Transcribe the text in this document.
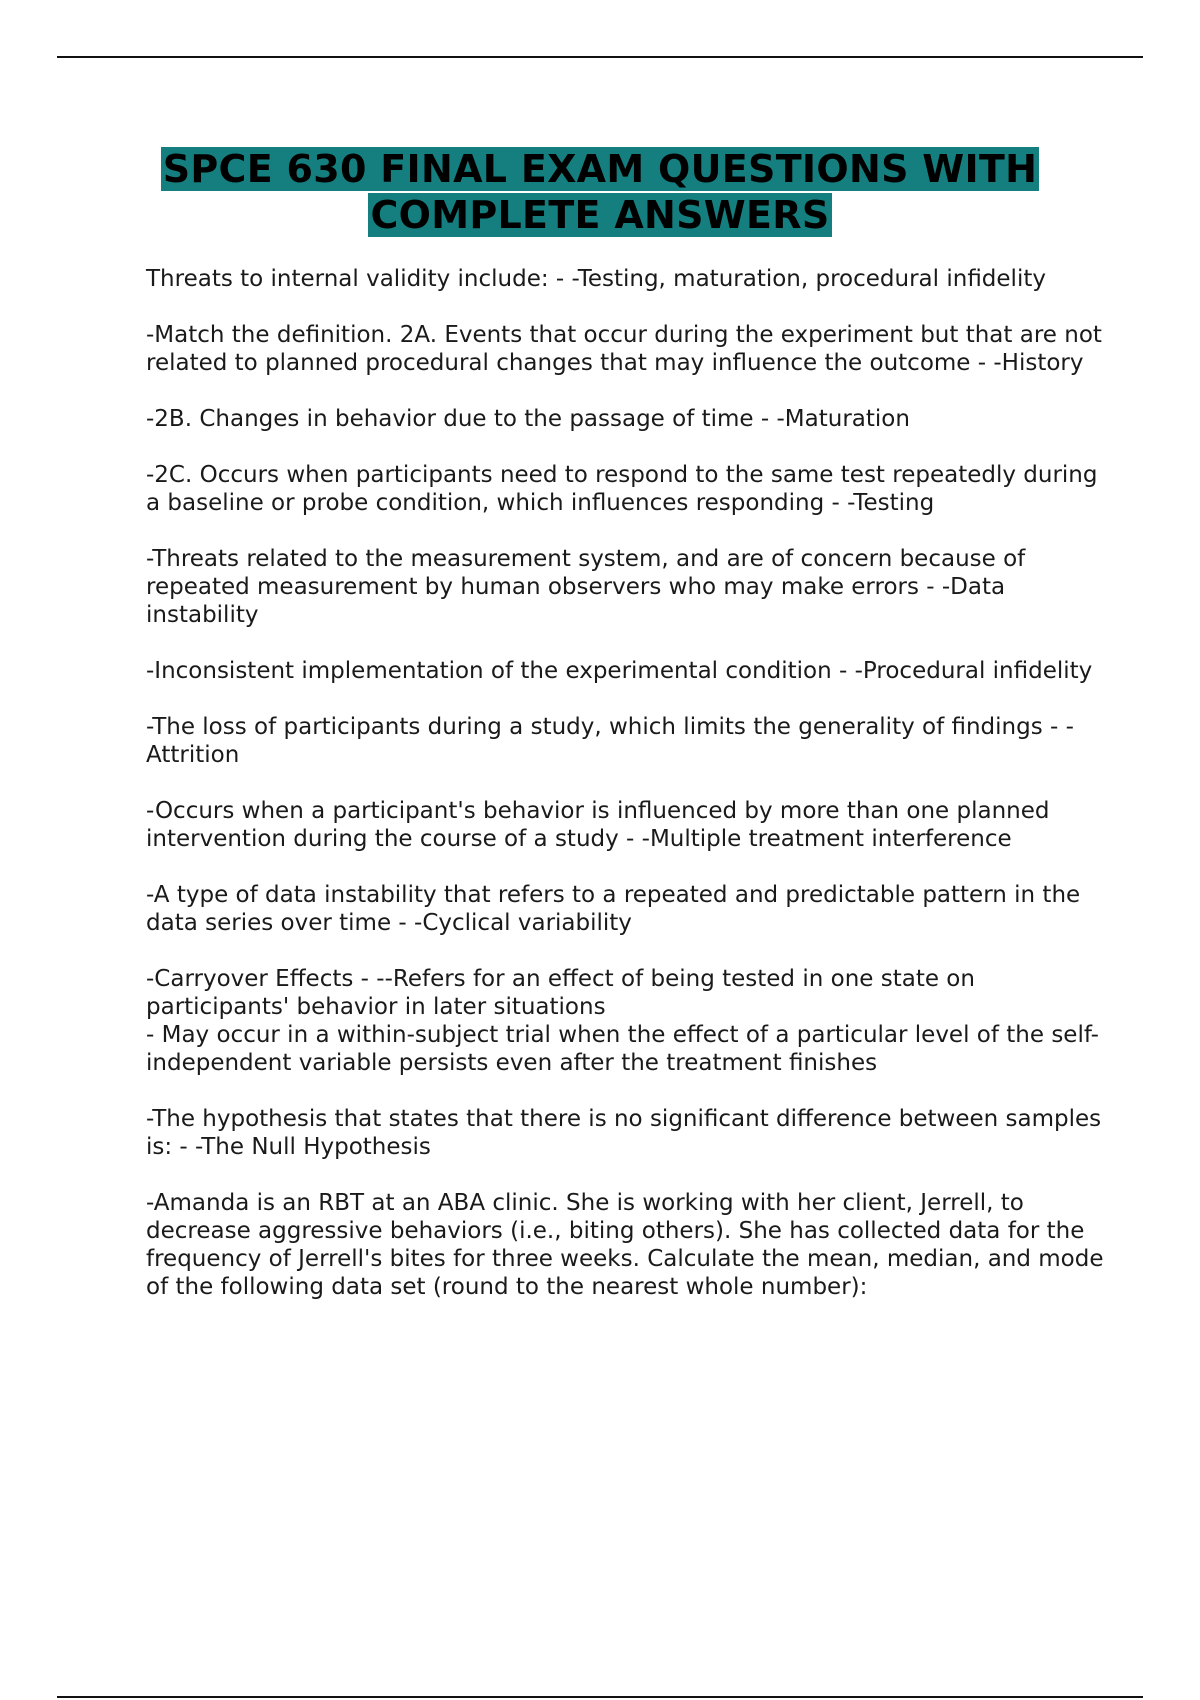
SPCE 630 FINAL EXAM QUESTIONS WITH
COMPLETE ANSWERS

Threats to internal validity include: - -Testing, maturation, procedural infidelity

-Match the definition. 2A. Events that occur during the experiment but that are not related to planned procedural changes that may influence the outcome - -History

-2B. Changes in behavior due to the passage of time - -Maturation

-2C. Occurs when participants need to respond to the same test repeatedly during a baseline or probe condition, which influences responding - -Testing

-Threats related to the measurement system, and are of concern because of repeated measurement by human observers who may make errors - -Data instability

-Inconsistent implementation of the experimental condition - -Procedural infidelity

-The loss of participants during a study, which limits the generality of findings - -Attrition

-Occurs when a participant's behavior is influenced by more than one planned intervention during the course of a study - -Multiple treatment interference

-A type of data instability that refers to a repeated and predictable pattern in the data series over time - -Cyclical variability

-Carryover Effects - --Refers for an effect of being tested in one state on participants' behavior in later situations
- May occur in a within-subject trial when the effect of a particular level of the self-independent variable persists even after the treatment finishes

-The hypothesis that states that there is no significant difference between samples is: - -The Null Hypothesis

-Amanda is an RBT at an ABA clinic. She is working with her client, Jerrell, to decrease aggressive behaviors (i.e., biting others). She has collected data for the frequency of Jerrell's bites for three weeks. Calculate the mean, median, and mode of the following data set (round to the nearest whole number):
